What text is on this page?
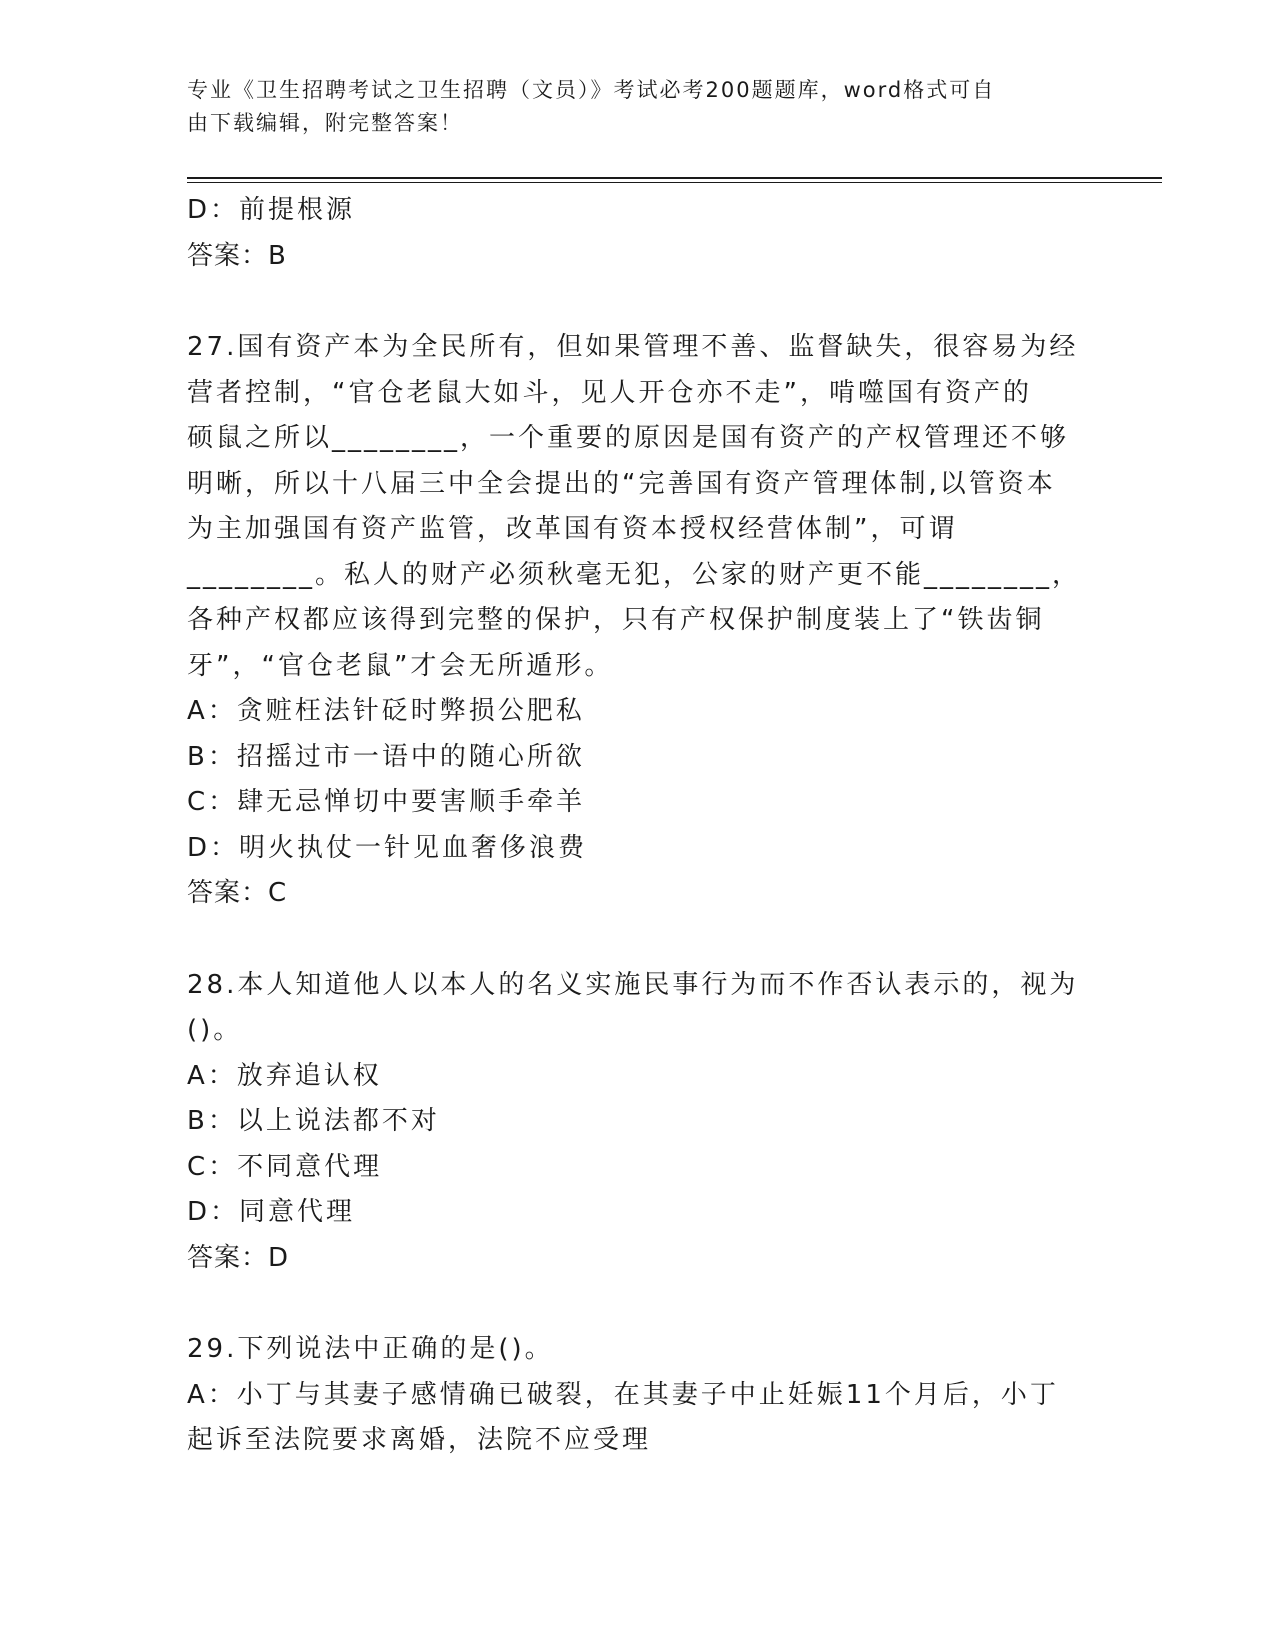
专业《卫生招聘考试之卫生招聘（文员）》考试必考200题题库，word格式可自

由下载编辑，附完整答案！

D：前提根源

答案：B

27.国有资产本为全民所有，但如果管理不善、监督缺失，很容易为经

营者控制，“官仓老鼠大如斗，见人开仓亦不走”，啃噬国有资产的

硕鼠之所以________，一个重要的原因是国有资产的产权管理还不够

明晰，所以十八届三中全会提出的“完善国有资产管理体制,以管资本

为主加强国有资产监管，改革国有资本授权经营体制”，可谓

________。私人的财产必须秋毫无犯，公家的财产更不能________，

各种产权都应该得到完整的保护，只有产权保护制度装上了“铁齿铜

牙”，“官仓老鼠”才会无所遁形。

A：贪赃枉法针砭时弊损公肥私

B：招摇过市一语中的随心所欲

C：肆无忌惮切中要害顺手牵羊

D：明火执仗一针见血奢侈浪费

答案：C

28.本人知道他人以本人的名义实施民事行为而不作否认表示的，视为

()。

A：放弃追认权

B：以上说法都不对

C：不同意代理

D：同意代理

答案：D

29.下列说法中正确的是()。

A：小丁与其妻子感情确已破裂，在其妻子中止妊娠11个月后，小丁

起诉至法院要求离婚，法院不应受理
